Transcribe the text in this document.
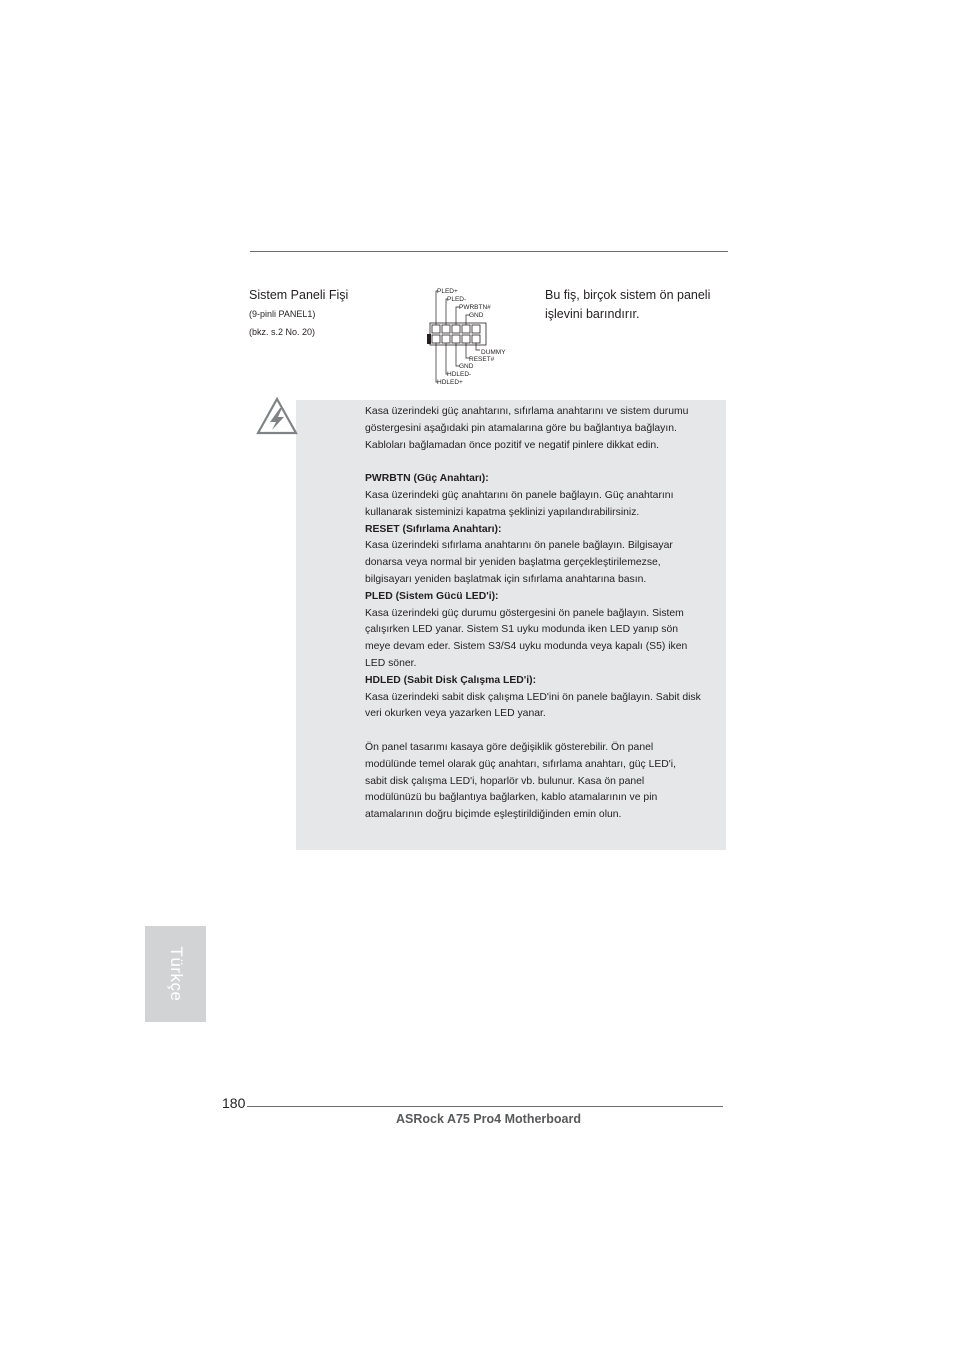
Sistem Paneli Fişi
(9-pinli PANEL1)
(bkz. s.2 No. 20)
Bu fiş, birçok sistem ön paneli
işlevini barındırır.
PLED+
PLED-
PWRBTN#
GND
DUMMY
RESET#
GND
HDLED-
HDLED+

Kasa üzerindeki güç anahtarını, sıfırlama anahtarını ve sistem durumu

göstergesini aşağıdaki pin atamalarına göre bu bağlantıya bağlayın.

Kabloları bağlamadan önce pozitif ve negatif pinlere dikkat edin.

PWRBTN (Güç Anahtarı):

Kasa üzerindeki güç anahtarını ön panele bağlayın. Güç anahtarını

kullanarak sisteminizi kapatma şeklinizi yapılandırabilirsiniz.

RESET (Sıfırlama Anahtarı):

Kasa üzerindeki sıfırlama anahtarını ön panele bağlayın. Bilgisayar

donarsa veya normal bir yeniden başlatma gerçekleştirilemezse,

bilgisayarı yeniden başlatmak için sıfırlama anahtarına basın.

PLED (Sistem Gücü LED'i):

Kasa üzerindeki güç durumu göstergesini ön panele bağlayın. Sistem

çalışırken LED yanar. Sistem S1 uyku modunda iken LED yanıp sön

meye devam eder. Sistem S3/S4 uyku modunda veya kapalı (S5) iken

LED söner.

HDLED (Sabit Disk Çalışma LED'i):

Kasa üzerindeki sabit disk çalışma LED'ini ön panele bağlayın. Sabit disk

veri okurken veya yazarken LED yanar.

Ön panel tasarımı kasaya göre değişiklik gösterebilir. Ön panel

modülünde temel olarak güç anahtarı, sıfırlama anahtarı, güç LED'i,

sabit disk çalışma LED'i, hoparlör vb. bulunur. Kasa ön panel

modülünüzü bu bağlantıya bağlarken, kablo atamalarının ve pin

atamalarının doğru biçimde eşleştirildiğinden emin olun.

Türkçe
180
ASRock A75 Pro4 Motherboard
